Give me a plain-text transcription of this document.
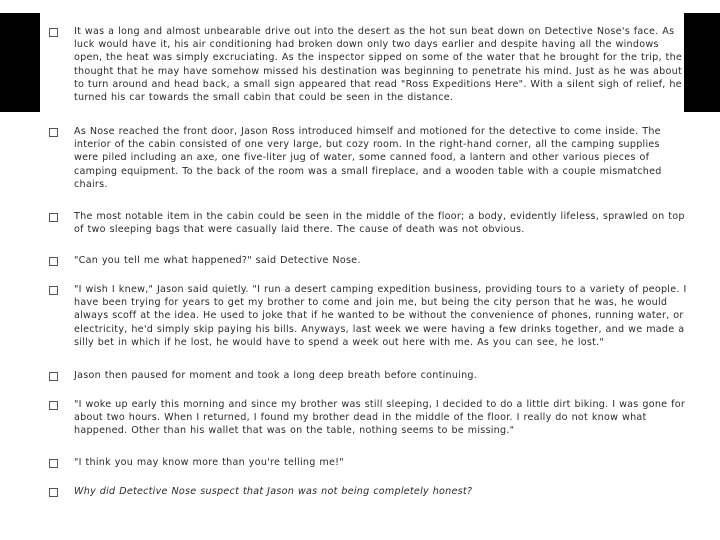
It was a long and almost unbearable drive out into the desert as the hot sun beat down on Detective Nose's face. As luck would have it, his air conditioning had broken down only two days earlier and despite having all the windows open, the heat was simply excruciating. As the inspector sipped on some of the water that he brought for the trip, the thought that he may have somehow missed his destination was beginning to penetrate his mind. Just as he was about to turn around and head back, a small sign appeared that read "Ross Expeditions Here". With a silent sigh of relief, he turned his car towards the small cabin that could be seen in the distance.
As Nose reached the front door, Jason Ross introduced himself and motioned for the detective to come inside. The interior of the cabin consisted of one very large, but cozy room. In the right-hand corner, all the camping supplies were piled including an axe, one five-liter jug of water, some canned food, a lantern and other various pieces of camping equipment. To the back of the room was a small fireplace, and a wooden table with a couple mismatched chairs.
The most notable item in the cabin could be seen in the middle of the floor; a body, evidently lifeless, sprawled on top of two sleeping bags that were casually laid there. The cause of death was not obvious.
"Can you tell me what happened?" said Detective Nose.
"I wish I knew," Jason said quietly. "I run a desert camping expedition business, providing tours to a variety of people. I have been trying for years to get my brother to come and join me, but being the city person that he was, he would always scoff at the idea. He used to joke that if he wanted to be without the convenience of phones, running water, or electricity, he'd simply skip paying his bills. Anyways, last week we were having a few drinks together, and we made a silly bet in which if he lost, he would have to spend a week out here with me. As you can see, he lost."
Jason then paused for moment and took a long deep breath before continuing.
"I woke up early this morning and since my brother was still sleeping, I decided to do a little dirt biking. I was gone for about two hours. When I returned, I found my brother dead in the middle of the floor. I really do not know what happened. Other than his wallet that was on the table, nothing seems to be missing."
"I think you may know more than you're telling me!"
Why did Detective Nose suspect that Jason was not being completely honest?
